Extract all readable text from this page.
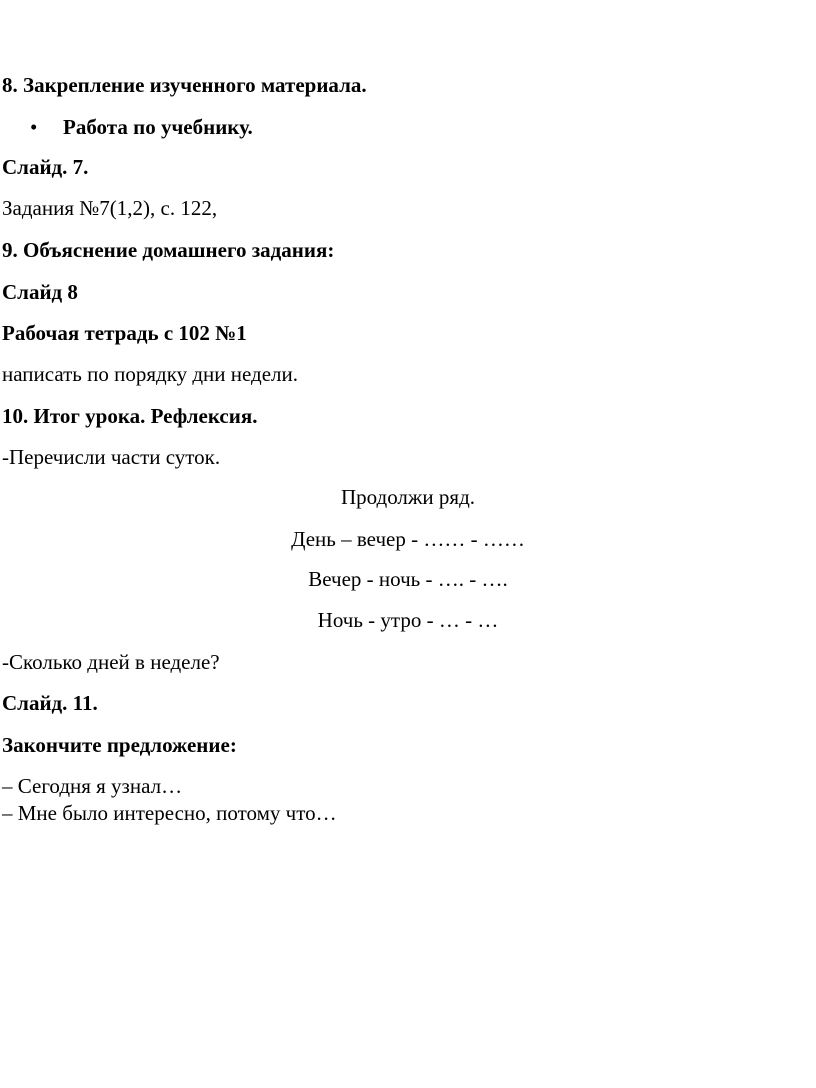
8. Закрепление изученного материала.
• Работа по учебнику.
Слайд. 7.
Задания №7(1,2), с. 122,
9. Объяснение домашнего задания:
Слайд 8
Рабочая тетрадь с 102 №1
написать по порядку дни недели.
10. Итог урока. Рефлексия.
-Перечисли части суток.
Продолжи ряд.
День – вечер - …… - ……
Вечер - ночь - …. - ….
Ночь - утро - … - …
-Сколько дней в неделе?
Слайд. 11.
Закончите предложение:
– Сегодня я узнал…
– Мне было интересно, потому что…
